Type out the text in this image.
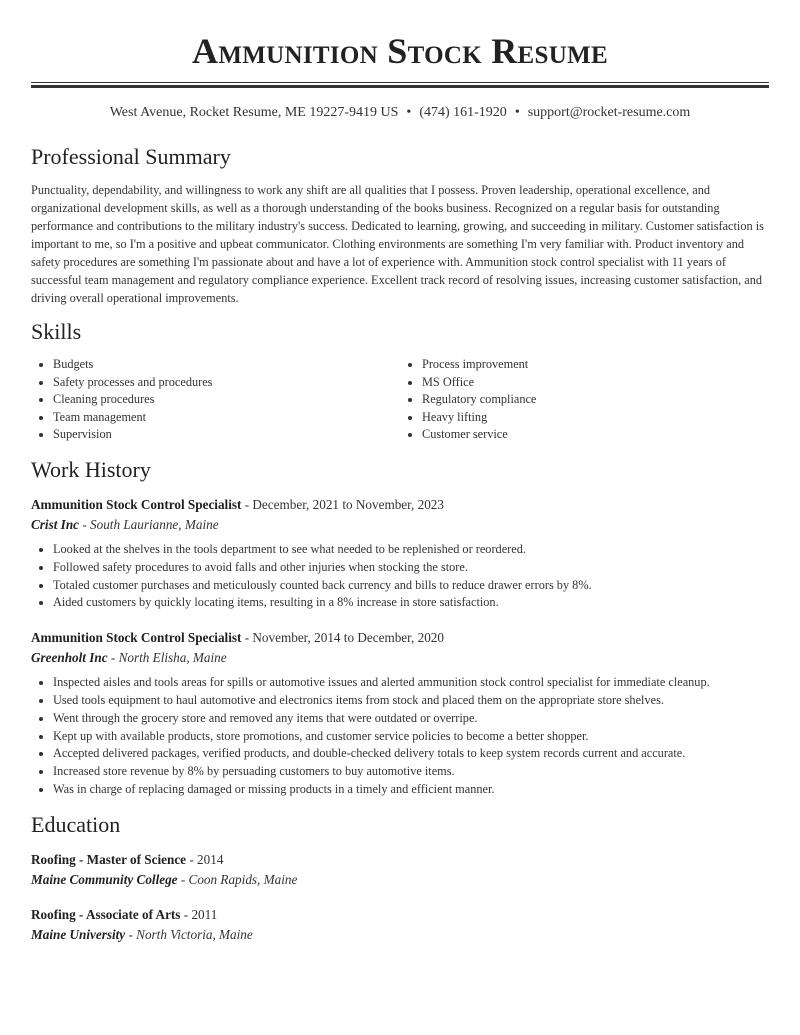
Ammunition Stock Resume
West Avenue, Rocket Resume, ME 19227-9419 US • (474) 161-1920 • support@rocket-resume.com
Professional Summary

Punctuality, dependability, and willingness to work any shift are all qualities that I possess. Proven leadership, operational excellence, and organizational development skills, as well as a thorough understanding of the books business. Recognized on a regular basis for outstanding performance and contributions to the military industry's success. Dedicated to learning, growing, and succeeding in military. Customer satisfaction is important to me, so I'm a positive and upbeat communicator. Clothing environments are something I'm very familiar with. Product inventory and safety procedures are something I'm passionate about and have a lot of experience with. Ammunition stock control specialist with 11 years of successful team management and regulatory compliance experience. Excellent track record of resolving issues, increasing customer satisfaction, and driving overall operational improvements.

Skills
• Budgets
• Safety processes and procedures
• Cleaning procedures
• Team management
• Supervision
• Process improvement
• MS Office
• Regulatory compliance
• Heavy lifting
• Customer service
Work History
Ammunition Stock Control Specialist - December, 2021 to November, 2023
Crist Inc - South Laurianne, Maine
• Looked at the shelves in the tools department to see what needed to be replenished or reordered.
• Followed safety procedures to avoid falls and other injuries when stocking the store.
• Totaled customer purchases and meticulously counted back currency and bills to reduce drawer errors by 8%.
• Aided customers by quickly locating items, resulting in a 8% increase in store satisfaction.
Ammunition Stock Control Specialist - November, 2014 to December, 2020
Greenholt Inc - North Elisha, Maine
• Inspected aisles and tools areas for spills or automotive issues and alerted ammunition stock control specialist for immediate cleanup.
• Used tools equipment to haul automotive and electronics items from stock and placed them on the appropriate store shelves.
• Went through the grocery store and removed any items that were outdated or overripe.
• Kept up with available products, store promotions, and customer service policies to become a better shopper.
• Accepted delivered packages, verified products, and double-checked delivery totals to keep system records current and accurate.
• Increased store revenue by 8% by persuading customers to buy automotive items.
• Was in charge of replacing damaged or missing products in a timely and efficient manner.
Education
Roofing - Master of Science - 2014
Maine Community College - Coon Rapids, Maine
Roofing - Associate of Arts - 2011
Maine University - North Victoria, Maine
